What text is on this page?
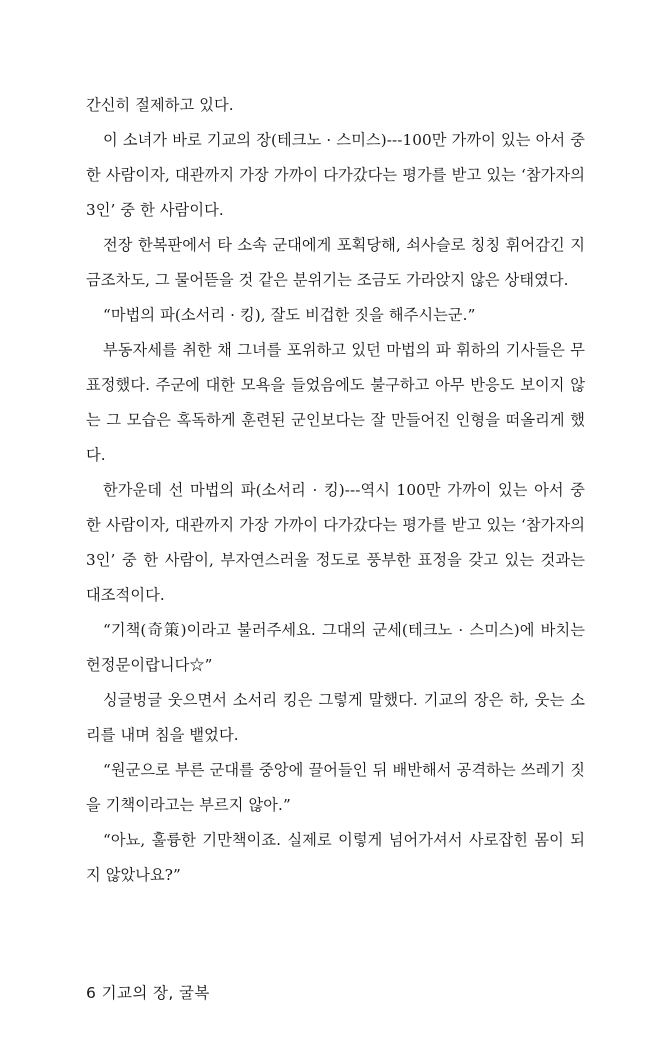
간신히 절제하고 있다.

이 소녀가 바로 기교의 장(테크노 · 스미스)---100만 가까이 있는 아서 중 한 사람이자, 대관까지 가장 가까이 다가갔다는 평가를 받고 있는 ‘참가자의 3인’ 중 한 사람이다.

전장 한복판에서 타 소속 군대에게 포획당해, 쇠사슬로 칭칭 휘어감긴 지금조차도, 그 물어뜯을 것 같은 분위기는 조금도 가라앉지 않은 상태였다.

“마법의 파(소서리 · 킹), 잘도 비겁한 짓을 해주시는군.”

부동자세를 취한 채 그녀를 포위하고 있던 마법의 파 휘하의 기사들은 무표정했다. 주군에 대한 모욕을 들었음에도 불구하고 아무 반응도 보이지 않는 그 모습은 혹독하게 훈련된 군인보다는 잘 만들어진 인형을 떠올리게 했다.

한가운데 선 마법의 파(소서리 · 킹)---역시 100만 가까이 있는 아서 중 한 사람이자, 대관까지 가장 가까이 다가갔다는 평가를 받고 있는 ‘참가자의 3인’ 중 한 사람이, 부자연스러울 정도로 풍부한 표정을 갖고 있는 것과는 대조적이다.

“기책(奇策)이라고 불러주세요. 그대의 군세(테크노 · 스미스)에 바치는 헌정문이랍니다☆”

싱글벙글 웃으면서 소서리 킹은 그렇게 말했다. 기교의 장은 하, 웃는 소리를 내며 침을 뱉었다.

“원군으로 부른 군대를 중앙에 끌어들인 뒤 배반해서 공격하는 쓰레기 짓을 기책이라고는 부르지 않아.”

“아뇨, 훌륭한 기만책이죠. 실제로 이렇게 넘어가셔서 사로잡힌 몸이 되지 않았나요?”

6 기교의 장, 굴복
